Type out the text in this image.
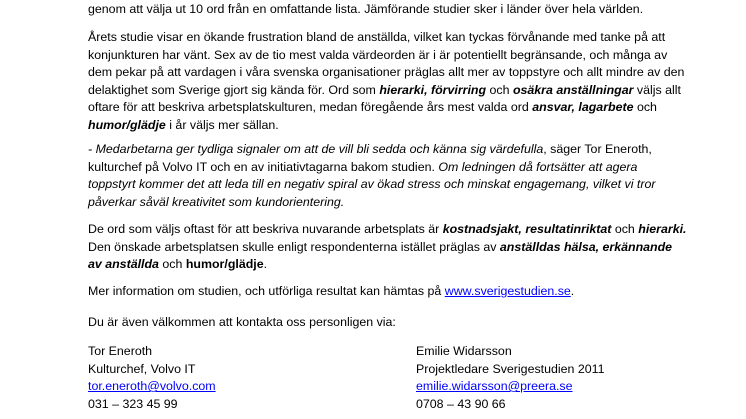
genom att välja ut 10 ord från en omfattande lista. Jämförande studier sker i länder över hela världen.

Årets studie visar en ökande frustration bland de anställda, vilket kan tyckas förvånande med tanke på att konjunkturen har vänt. Sex av de tio mest valda värdeorden är i är potentiellt begränsande, och många av dem pekar på att vardagen i våra svenska organisationer präglas allt mer av toppstyre och allt mindre av den delaktighet som Sverige gjort sig kända för. Ord som hierarki, förvirring och osäkra anställningar väljs allt oftare för att beskriva arbetsplatskulturen, medan föregående års mest valda ord ansvar, lagarbete och humor/glädje i år väljs mer sällan.

- Medarbetarna ger tydliga signaler om att de vill bli sedda och känna sig värdefulla, säger Tor Eneroth, kulturchef på Volvo IT och en av initiativtagarna bakom studien. Om ledningen då fortsätter att agera toppstyrt kommer det att leda till en negativ spiral av ökad stress och minskat engagemang, vilket vi tror påverkar såväl kreativitet som kundorientering.

De ord som väljs oftast för att beskriva nuvarande arbetsplats är kostnadsjakt, resultatinriktat och hierarki. Den önskade arbetsplatsen skulle enligt respondenterna istället präglas av anställdas hälsa, erkännande av anställda och humor/glädje.

Mer information om studien, och utförliga resultat kan hämtas på www.sverigestudien.se.

Du är även välkommen att kontakta oss personligen via:

Tor Eneroth
Kulturchef, Volvo IT
tor.eneroth@volvo.com
031 – 323 45 99
Emilie Widarsson
Projektledare Sverigestudien 2011
emilie.widarsson@preera.se
0708 – 43 90 66
